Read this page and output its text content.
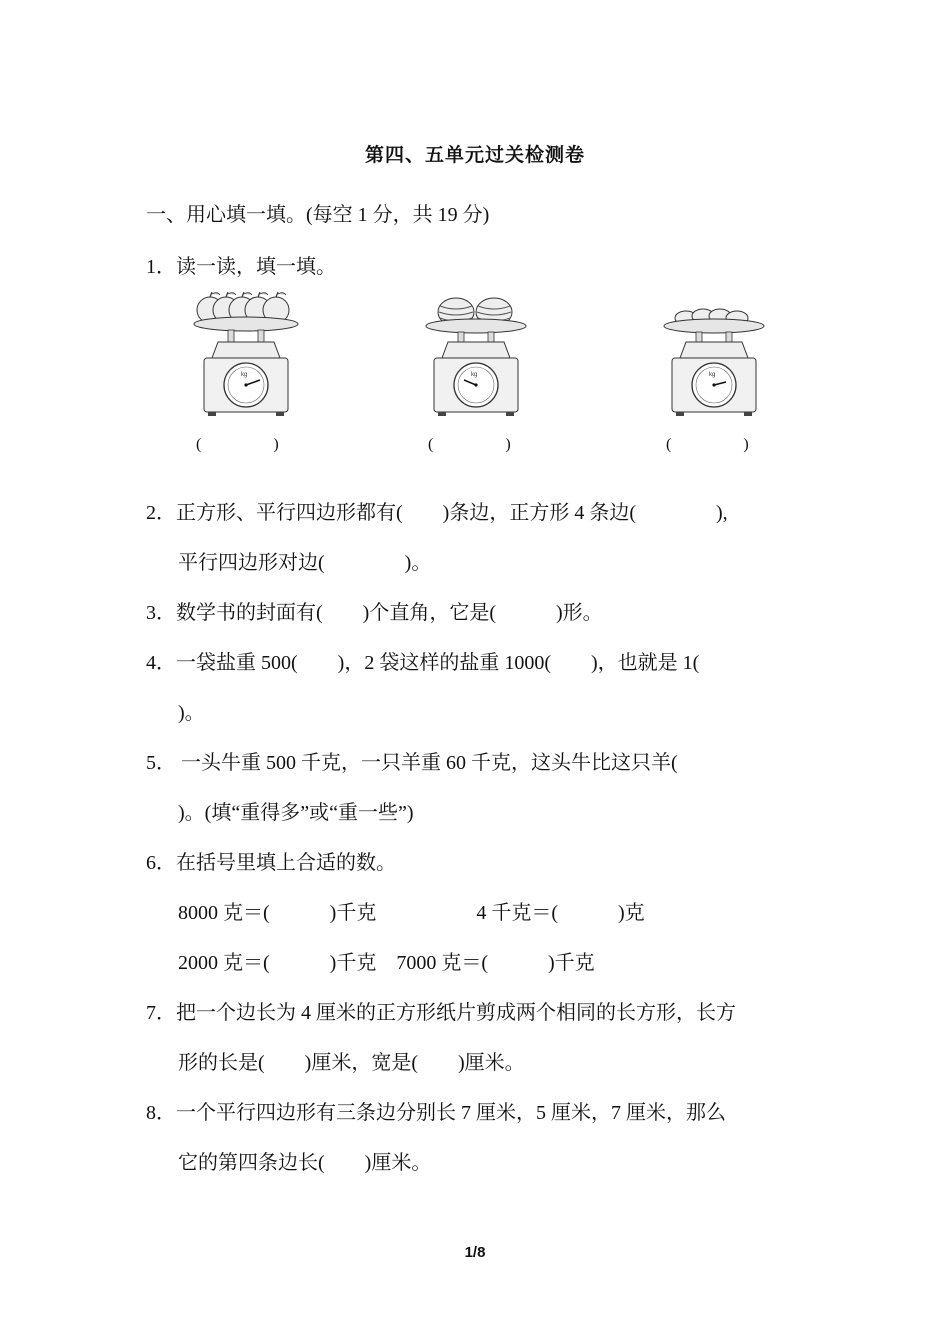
第四、五单元过关检测卷
一、用心填一填。(每空 1 分，共 19 分)
1．读一读，填一填。
kg	kg	kg
(                  )	(                  )	(                  )
2．正方形、平行四边形都有(        )条边，正方形 4 条边(                ),
平行四边形对边(                )。
3．数学书的封面有(        )个直角，它是(            )形。
4．一袋盐重 500(        )，2 袋这样的盐重 1000(        )，也就是 1(
)。
5． 一头牛重 500 千克，一只羊重 60 千克，这头牛比这只羊(
)。(填“重得多”或“重一些”)
6．在括号里填上合适的数。
8000 克＝(            )千克                    4 千克＝(            )克
2000 克＝(            )千克    7000 克＝(            )千克
7．把一个边长为 4 厘米的正方形纸片剪成两个相同的长方形，长方
形的长是(        )厘米，宽是(        )厘米。
8．一个平行四边形有三条边分别长 7 厘米，5 厘米，7 厘米，那么
它的第四条边长(        )厘米。
1/8
